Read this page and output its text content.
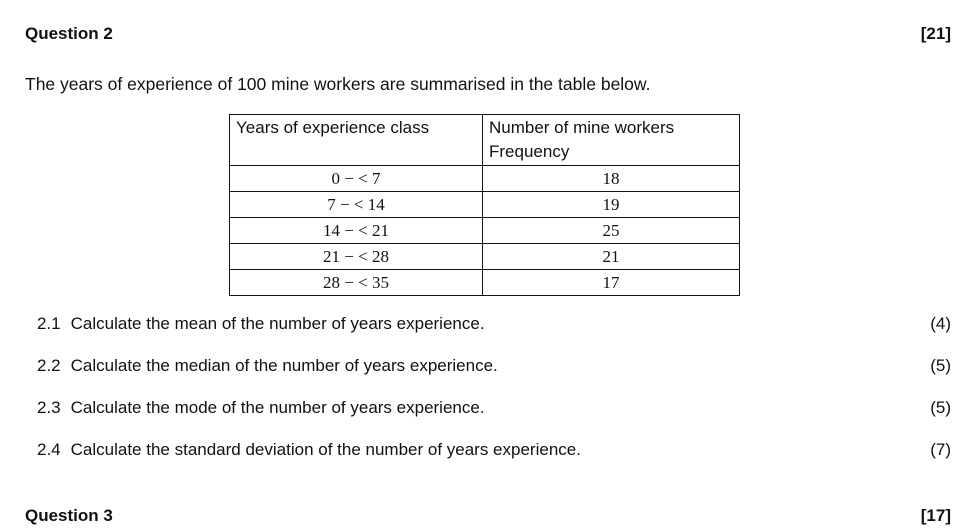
Question 2	[21]
The years of experience of 100 mine workers are summarised in the table below.
Years of experience class	Number of mine workers
Frequency

0 − < 7	18
7 − < 14	19
14 − < 21	25
21 − < 28	21
28 − < 35	17
2.1 Calculate the mean of the number of years experience.	(4)
2.2 Calculate the median of the number of years experience.	(5)
2.3 Calculate the mode of the number of years experience.	(5)
2.4 Calculate the standard deviation of the number of years experience.	(7)
Question 3	[17]
